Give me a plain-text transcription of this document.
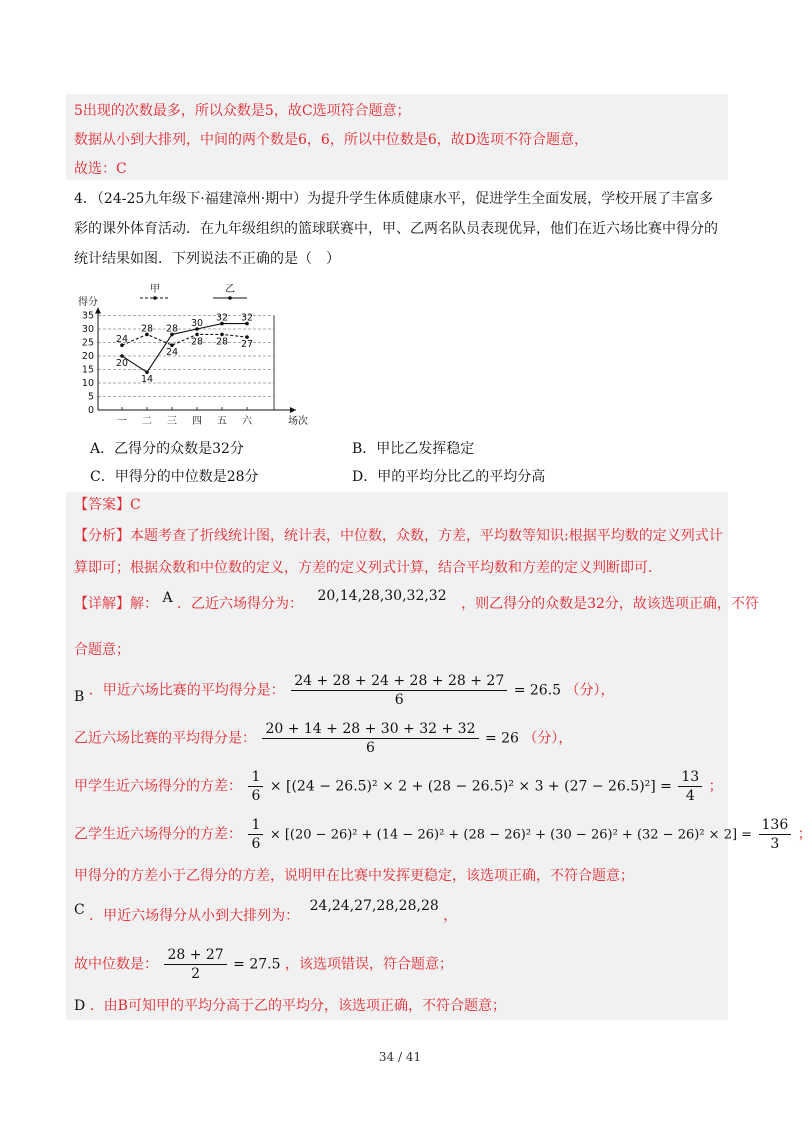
5出现的次数最多，所以众数是5，故C选项符合题意；
数据从小到大排列，中间的两个数是6，6，所以中位数是6，故D选项不符合题意，
故选：C
4．（24-25九年级下·福建漳州·期中）为提升学生体质健康水平，促进学生全面发展，学校开展了丰富多
彩的课外体育活动．在九年级组织的篮球联赛中，甲、乙两名队员表现优异，他们在近六场比赛中得分的
统计结果如图．下列说法不正确的是（　）
0
5
10
15
20
25
30
35
得分
场次
一 二 三 四 五 六
甲	乙
24
28
24
28 28 27
20
14
28 30 32 32
A．乙得分的众数是32分	B．甲比乙发挥稳定
C．甲得分的中位数是28分	D．甲的平均分比乙的平均分高
【答案】C
【分析】本题考查了折线统计图，统计表，中位数，众数，方差，平均数等知识:根据平均数的定义列式计
算即可；根据众数和中位数的定义，方差的定义列式计算，结合平均数和方差的定义判断即可．
【详解】解： A ．乙近六场得分为： 20,14,28,30,32,32 ，则乙得分的众数是32分，故该选项正确，不符
合题意；
B ．甲近六场比赛的平均得分是： $\frac{24 + 28 + 24 + 28 + 28 + 27}{6} = 26.5$ （分），
乙近六场比赛的平均得分是： $\frac{20 + 14 + 28 + 30 + 32 + 32}{6} = 26$ （分），
甲学生近六场得分的方差： $\frac{1}{6} \times [(24 - 26.5)^2 \times 2 + (28 - 26.5)^2 \times 3 + (27 - 26.5)^2] = \frac{13}{4}$ ；
乙学生近六场得分的方差： $\frac{1}{6} \times [(20 - 26)^2 + (14 - 26)^2 + (28 - 26)^2 + (30 - 26)^2 + (32 - 26)^2 \times 2] = \frac{136}{3}$ ；
甲得分的方差小于乙得分的方差，说明甲在比赛中发挥更稳定，该选项正确，不符合题意；
C ．甲近六场得分从小到大排列为： 24,24,27,28,28,28 ，
故中位数是： $\frac{28 + 27}{2} = 27.5$ ，该选项错误，符合题意；
D ．由B可知甲的平均分高于乙的平均分，该选项正确，不符合题意；
34 / 41
